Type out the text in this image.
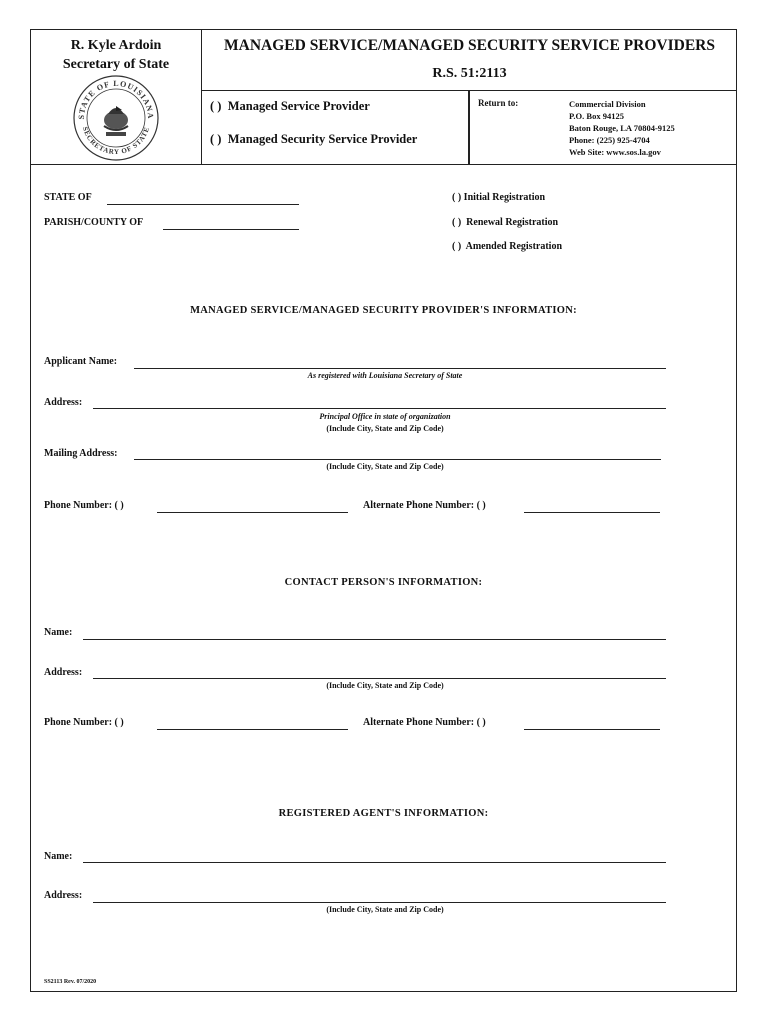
R. Kyle Ardoin
Secretary of State
STATE OF LOUISIANA
SECRETARY OF STATE
MANAGED SERVICE/MANAGED SECURITY SERVICE PROVIDERS
R.S. 51:2113
( ) Managed Service Provider
( ) Managed Security Service Provider
Return to:	Commercial Division
P.O. Box 94125
Baton Rouge, LA 70804-9125
Phone: (225) 925-4704
Web Site: www.sos.la.gov
STATE OF
PARISH/COUNTY OF
( ) Initial Registration
( ) Renewal Registration
( ) Amended Registration
MANAGED SERVICE/MANAGED SECURITY PROVIDER'S INFORMATION:
Applicant Name:
As registered with Louisiana Secretary of State
Address:
Principal Office in state of organization
(Include City, State and Zip Code)
Mailing Address:
(Include City, State and Zip Code)
Phone Number: ( )	Alternate Phone Number: ( )
CONTACT PERSON'S INFORMATION:
Name:
Address:
(Include City, State and Zip Code)
Phone Number: ( )	Alternate Phone Number: ( )
REGISTERED AGENT'S INFORMATION:
Name:
Address:
(Include City, State and Zip Code)
SS2113 Rev. 07/2020
